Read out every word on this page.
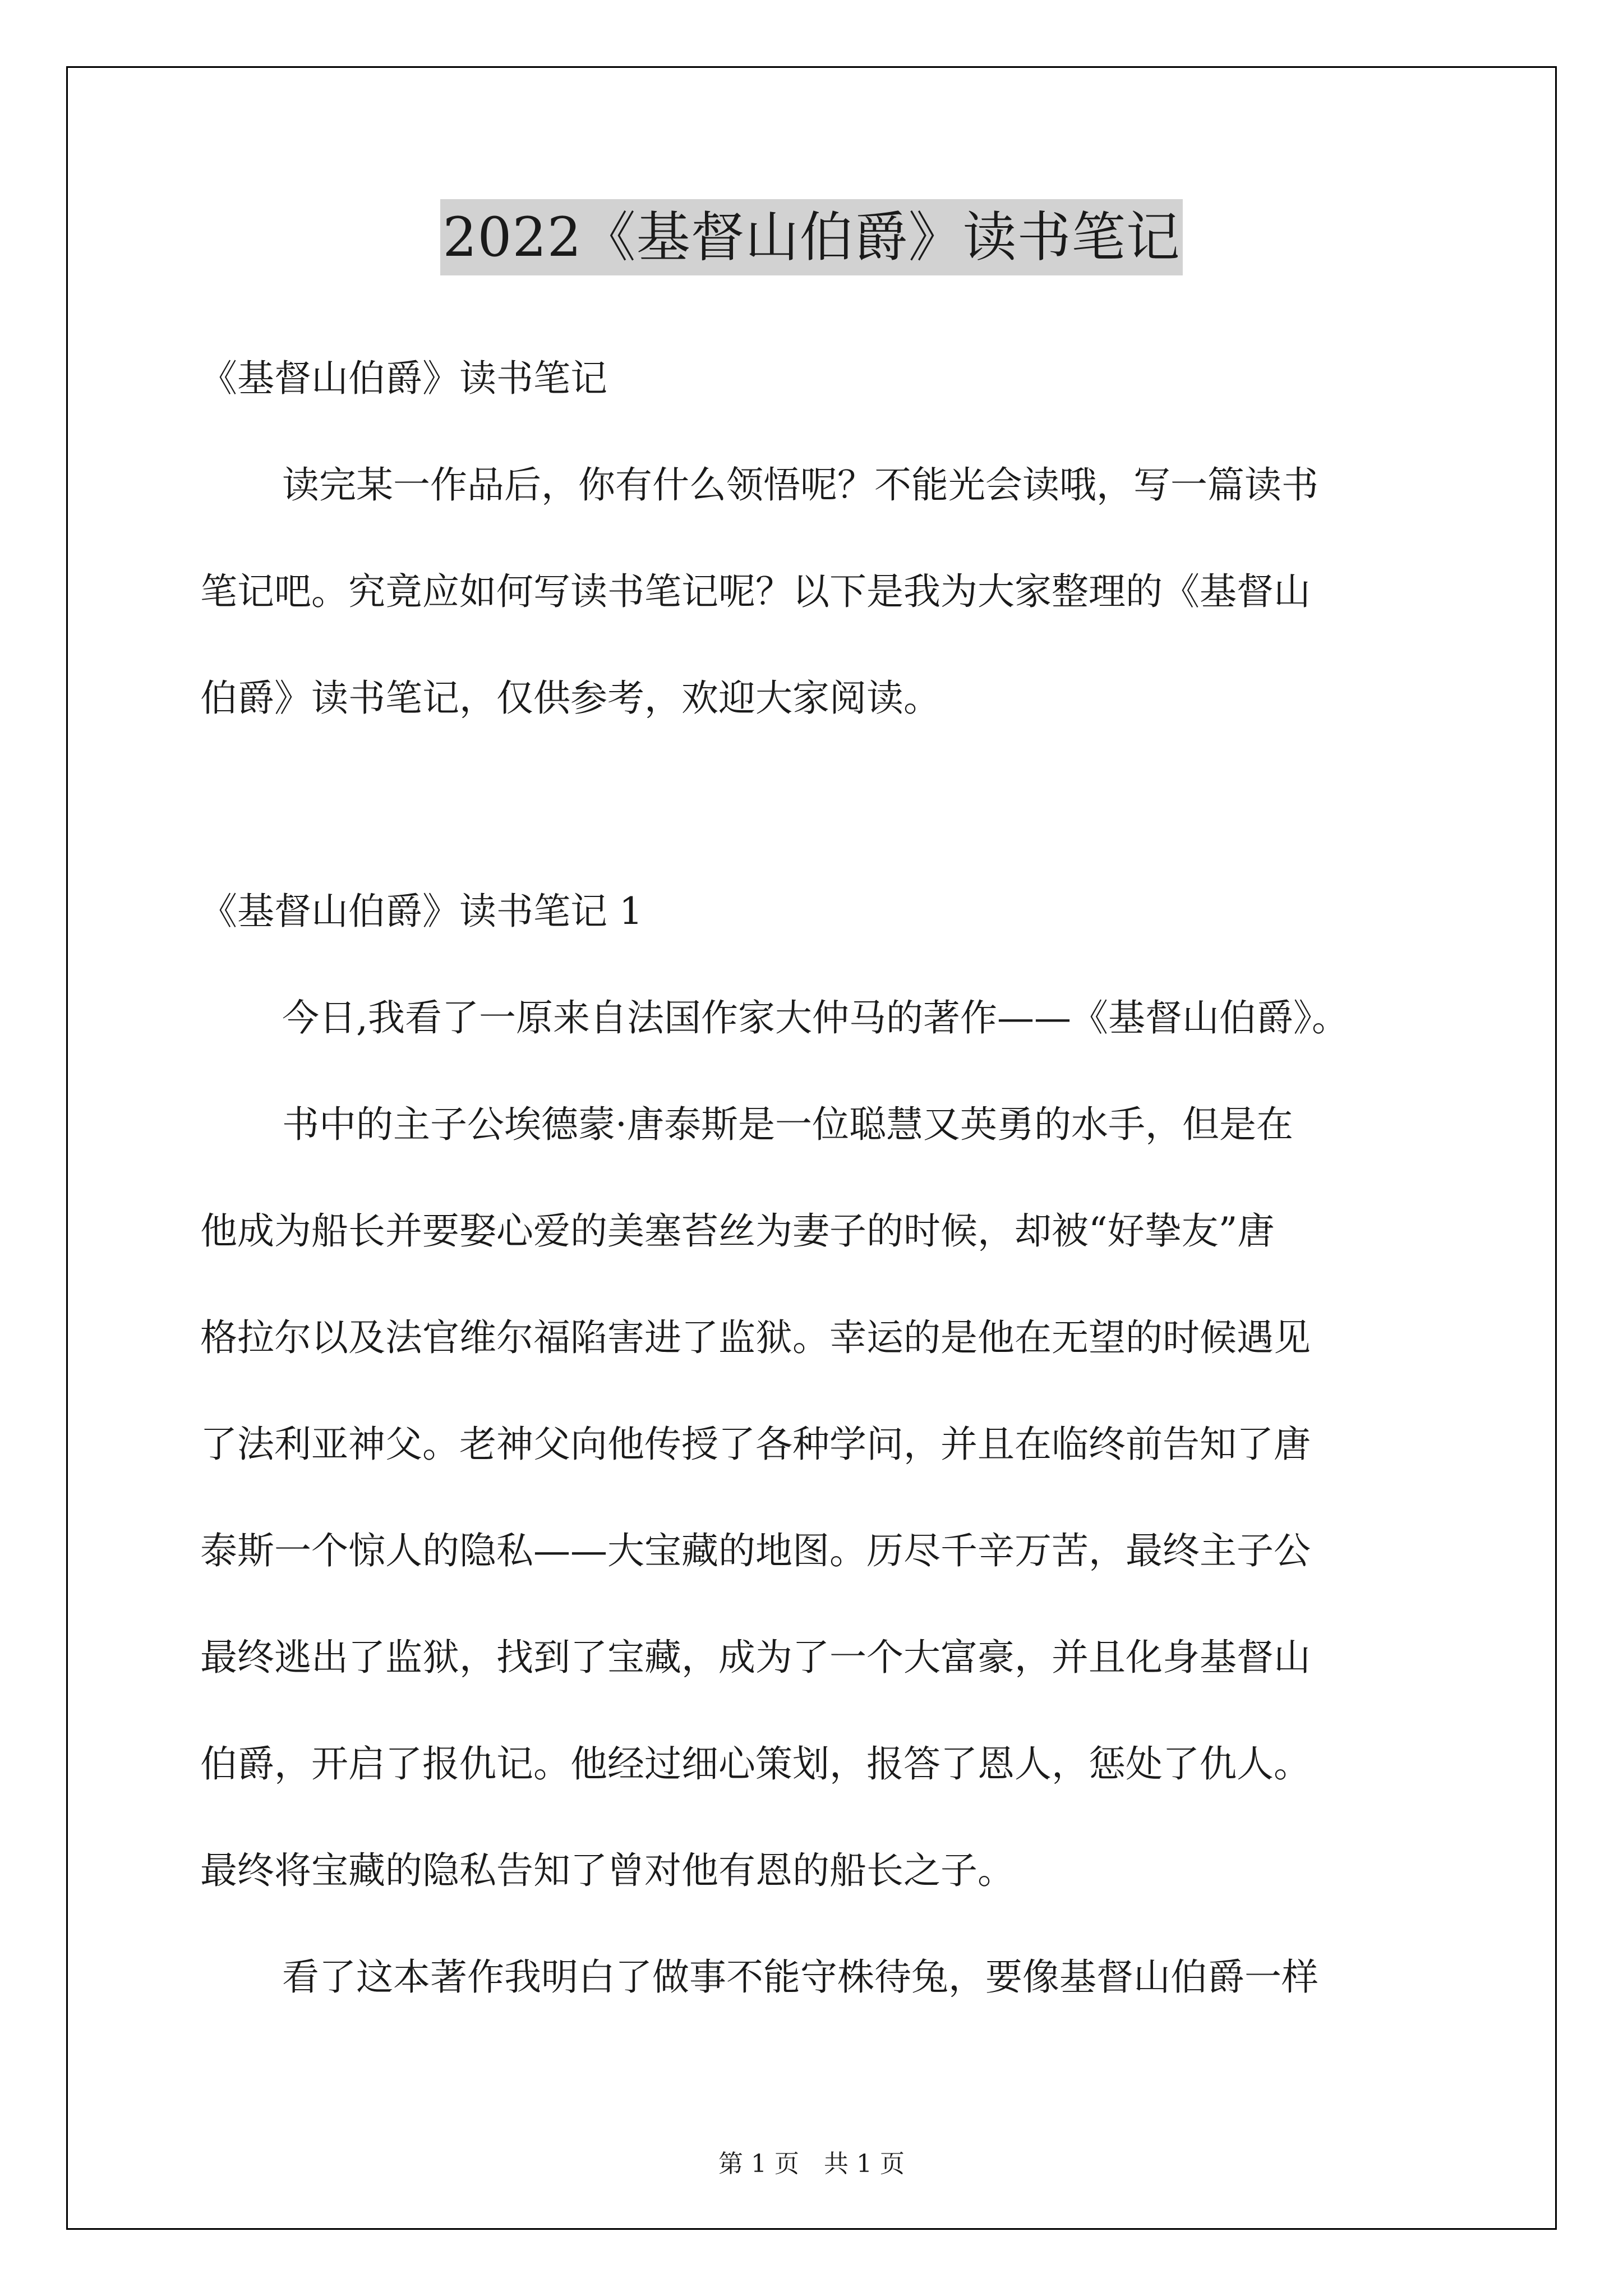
2022《基督山伯爵》读书笔记
《基督山伯爵》读书笔记
读完某一作品后，你有什么领悟呢？不能光会读哦，写一篇读书
笔记吧。究竟应如何写读书笔记呢？以下是我为大家整理的《基督山
伯爵》读书笔记，仅供参考，欢迎大家阅读。
《基督山伯爵》读书笔记 1
今日,我看了一原来自法国作家大仲马的著作——《基督山伯爵》。
书中的主子公埃德蒙·唐泰斯是一位聪慧又英勇的水手，但是在
他成为船长并要娶心爱的美塞苔丝为妻子的时候，却被“好挚友”唐
格拉尔以及法官维尔福陷害进了监狱。幸运的是他在无望的时候遇见
了法利亚神父。老神父向他传授了各种学问，并且在临终前告知了唐
泰斯一个惊人的隐私——大宝藏的地图。历尽千辛万苦，最终主子公
最终逃出了监狱，找到了宝藏，成为了一个大富豪，并且化身基督山
伯爵，开启了报仇记。他经过细心策划，报答了恩人，惩处了仇人。
最终将宝藏的隐私告知了曾对他有恩的船长之子。
看了这本著作我明白了做事不能守株待兔，要像基督山伯爵一样
第 1 页　共 1 页
